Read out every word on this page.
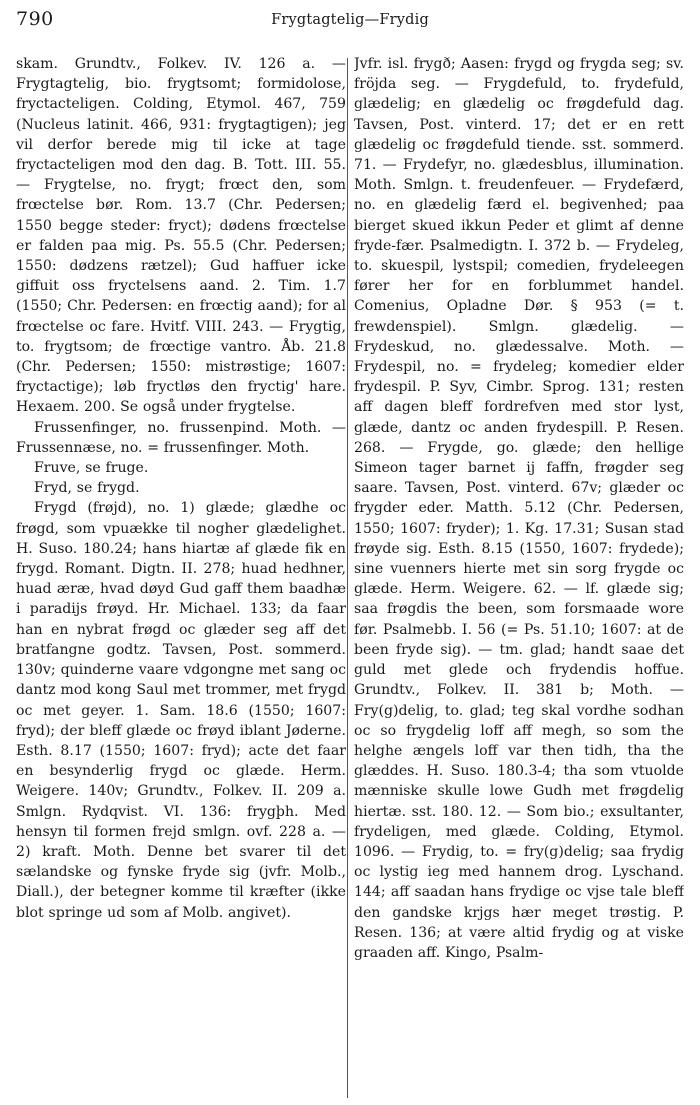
790	Frygtagtelig—Frydig

skam. Grundtv., Folkev. IV. 126 a. — Frygtagtelig, bio. frygtsomt; formidolose, fryctacteligen. Colding, Etymol. 467, 759 (Nucleus latinit. 466, 931: frygtagtigen); jeg vil derfor berede mig til icke at tage fryctacteligen mod den dag. B. Tott. III. 55. — Frygtelse, no. frygt; frœct den, som frœctelse bør. Rom. 13.7 (Chr. Pedersen; 1550 begge steder: fryct); dødens frœctelse er falden paa mig. Ps. 55.5 (Chr. Pedersen; 1550: dødzens rætzel); Gud haffuer icke giffuit oss fryctelsens aand. 2. Tim. 1.7 (1550; Chr. Pedersen: en frœctig aand); for al frœctelse oc fare. Hvitf. VIII. 243. — Frygtig, to. frygtsom; de frœctige vantro. Åb. 21.8 (Chr. Pedersen; 1550: mistrøstige; 1607: fryctactige); løb fryctløs den fryctig' hare. Hexaem. 200. Se også under frygtelse.

Frussenfinger, no. frussenpind. Moth. — Frussennæse, no. = frussenfinger. Moth.

Fruve, se fruge.

Fryd, se frygd.

Frygd (frøjd), no. 1) glæde; glædhe oc frøgd, som vpuække til nogher glædelighet. H. Suso. 180.24; hans hiartæ af glæde fik en frygd. Romant. Digtn. II. 278; huad hedhner, huad æræ, hvad døyd Gud gaff them baadhæ i paradijs frøyd. Hr. Michael. 133; da faar han en nybrat frøgd oc glæder seg aff det bratfangne godtz. Tavsen, Post. sommerd. 130v; quinderne vaare vdgongne met sang oc dantz mod kong Saul met trommer, met frygd oc met geyer. 1. Sam. 18.6 (1550; 1607: fryd); der bleff glæde oc frøyd iblant Jøderne. Esth. 8.17 (1550; 1607: fryd); acte det faar en besynderlig frygd oc glæde. Herm. Weigere. 140v; Grundtv., Folkev. II. 209 a. Smlgn. Rydqvist. VI. 136: frygþh. Med hensyn til formen frejd smlgn. ovf. 228 a. — 2) kraft. Moth. Denne bet svarer til det sælandske og fynske fryde sig (jvfr. Molb., Diall.), der betegner komme til kræfter (ikke blot springe ud som af Molb. angivet).

Jvfr. isl. frygð; Aasen: frygd og frygda seg; sv. fröjda seg. — Frygdefuld, to. frydefuld, glædelig; en glædelig oc frøgdefuld dag. Tavsen, Post. vinterd. 17; det er en rett glædelig oc frøgdefuld tiende. sst. sommerd. 71. — Frydefyr, no. glædesblus, illumination. Moth. Smlgn. t. freudenfeuer. — Frydefærd, no. en glædelig færd el. begivenhed; paa bierget skued ikkun Peder et glimt af denne fryde-fær. Psalmedigtn. I. 372 b. — Frydeleg, to. skuespil, lystspil; comedien, frydeleegen fører her for en forblummet handel. Comenius, Opladne Dør. § 953 (= t. frewdenspiel). Smlgn. glædelig. — Frydeskud, no. glædessalve. Moth. — Frydespil, no. = frydeleg; komedier elder frydespil. P. Syv, Cimbr. Sprog. 131; resten aff dagen bleff fordrefven med stor lyst, glæde, dantz oc anden frydespill. P. Resen. 268. — Frygde, go. glæde; den hellige Simeon tager barnet ij faffn, frøgder seg saare. Tavsen, Post. vinterd. 67v; glæder oc frygder eder. Matth. 5.12 (Chr. Pedersen, 1550; 1607: fryder); 1. Kg. 17.31; Susan stad frøyde sig. Esth. 8.15 (1550, 1607: frydede); sine vuenners hierte met sin sorg frygde oc glæde. Herm. Weigere. 62. — lf. glæde sig; saa frøgdis the been, som forsmaade wore før. Psalmebb. I. 56 (= Ps. 51.10; 1607: at de been fryde sig). — tm. glad; handt saae det guld met glede och frydendis hoffue. Grundtv., Folkev. II. 381 b; Moth. — Fry(g)delig, to. glad; teg skal vordhe sodhan oc so frygdelig loff aff megh, so som the helghe ængels loff var then tidh, tha the glæddes. H. Suso. 180.3-4; tha som vtuolde mænniske skulle lowe Gudh met frøgdelig hiertæ. sst. 180. 12. — Som bio.; exsultanter, frydeligen, med glæde. Colding, Etymol. 1096. — Frydig, to. = fry(g)delig; saa frydig oc lystig ieg med hannem drog. Lyschand. 144; aff saadan hans frydige oc vjse tale bleff den gandske krjgs hær meget trøstig. P. Resen. 136; at være altid frydig og at viske graaden aff. Kingo, Psalm-
